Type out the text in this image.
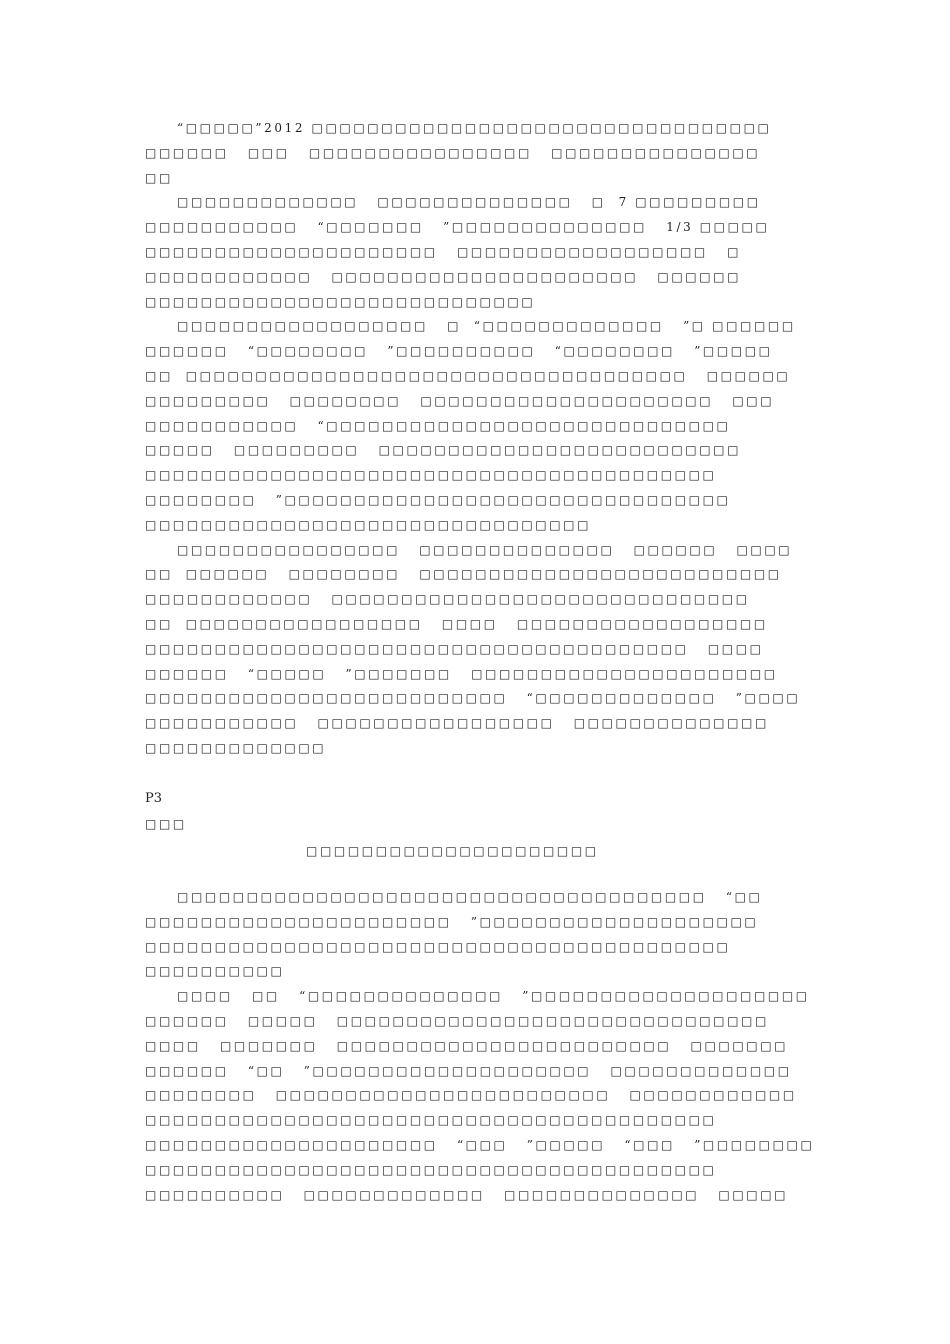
“□□□□□”2012 □□□□□□□□□□□□□□□□□□□□□□□□□□□□□□□□□
□□□□□□   □□□   □□□□□□□□□□□□□□□□   □□□□□□□□□□□□□□□
□□
□□□□□□□□□□□□□   □□□□□□□□□□□□□□   □  7 □□□□□□□□□
□□□□□□□□□□□   “□□□□□□□   ”□□□□□□□□□□□□□□   1/3 □□□□□
□□□□□□□□□□□□□□□□□□□□□   □□□□□□□□□□□□□□□□□□   □
□□□□□□□□□□□□   □□□□□□□□□□□□□□□□□□□□□□   □□□□□□
□□□□□□□□□□□□□□□□□□□□□□□□□□□□
□□□□□□□□□□□□□□□□□□   □  “□□□□□□□□□□□□□   ”□ □□□□□□
□□□□□□   “□□□□□□□□   ”□□□□□□□□□□   “□□□□□□□□   ”□□□□□
□□  □□□□□□□□□□□□□□□□□□□□□□□□□□□□□□□□□□□□   □□□□□□
□□□□□□□□□   □□□□□□□□   □□□□□□□□□□□□□□□□□□□□□   □□□
□□□□□□□□□□□   “□□□□□□□□□□□□□□□□□□□□□□□□□□□□□
□□□□□   □□□□□□□□□   □□□□□□□□□□□□□□□□□□□□□□□□□□
□□□□□□□□□□□□□□□□□□□□□□□□□□□□□□□□□□□□□□□□□
□□□□□□□□   ”□□□□□□□□□□□□□□□□□□□□□□□□□□□□□□□□
□□□□□□□□□□□□□□□□□□□□□□□□□□□□□□□□
□□□□□□□□□□□□□□□□   □□□□□□□□□□□□□□   □□□□□□   □□□□
□□  □□□□□□   □□□□□□□□   □□□□□□□□□□□□□□□□□□□□□□□□□□
□□□□□□□□□□□□   □□□□□□□□□□□□□□□□□□□□□□□□□□□□□□
□□  □□□□□□□□□□□□□□□□□   □□□□   □□□□□□□□□□□□□□□□□□
□□□□□□□□□□□□□□□□□□□□□□□□□□□□□□□□□□□□□□□   □□□□
□□□□□□   “□□□□□   ”□□□□□□□   □□□□□□□□□□□□□□□□□□□□□□
□□□□□□□□□□□□□□□□□□□□□□□□□□   “□□□□□□□□□□□□□   ”□□□□
□□□□□□□□□□□   □□□□□□□□□□□□□□□□□   □□□□□□□□□□□□□□
□□□□□□□□□□□□□
P3
□□□
□□□□□□□□□□□□□□□□□□□□□
□□□□□□□□□□□□□□□□□□□□□□□□□□□□□□□□□□□□□□   “□□
□□□□□□□□□□□□□□□□□□□□□□   ”□□□□□□□□□□□□□□□□□□□□
□□□□□□□□□□□□□□□□□□□□□□□□□□□□□□□□□□□□□□□□□□
□□□□□□□□□□
□□□□   □□   “□□□□□□□□□□□□□□   ”□□□□□□□□□□□□□□□□□□□□
□□□□□□   □□□□□   □□□□□□□□□□□□□□□□□□□□□□□□□□□□□□□
□□□□   □□□□□□□   □□□□□□□□□□□□□□□□□□□□□□□□   □□□□□□□
□□□□□□   “□□   ”□□□□□□□□□□□□□□□□□□□□   □□□□□□□□□□□□□
□□□□□□□□   □□□□□□□□□□□□□□□□□□□□□□□□   □□□□□□□□□□□□
□□□□□□□□□□□□□□□□□□□□□□□□□□□□□□□□□□□□□□□□□
□□□□□□□□□□□□□□□□□□□□□   “□□□   ”□□□□□   “□□□   ”□□□□□□□□
□□□□□□□□□□□□□□□□□□□□□□□□□□□□□□□□□□□□□□□□□
□□□□□□□□□□   □□□□□□□□□□□□□   □□□□□□□□□□□□□□   □□□□□
